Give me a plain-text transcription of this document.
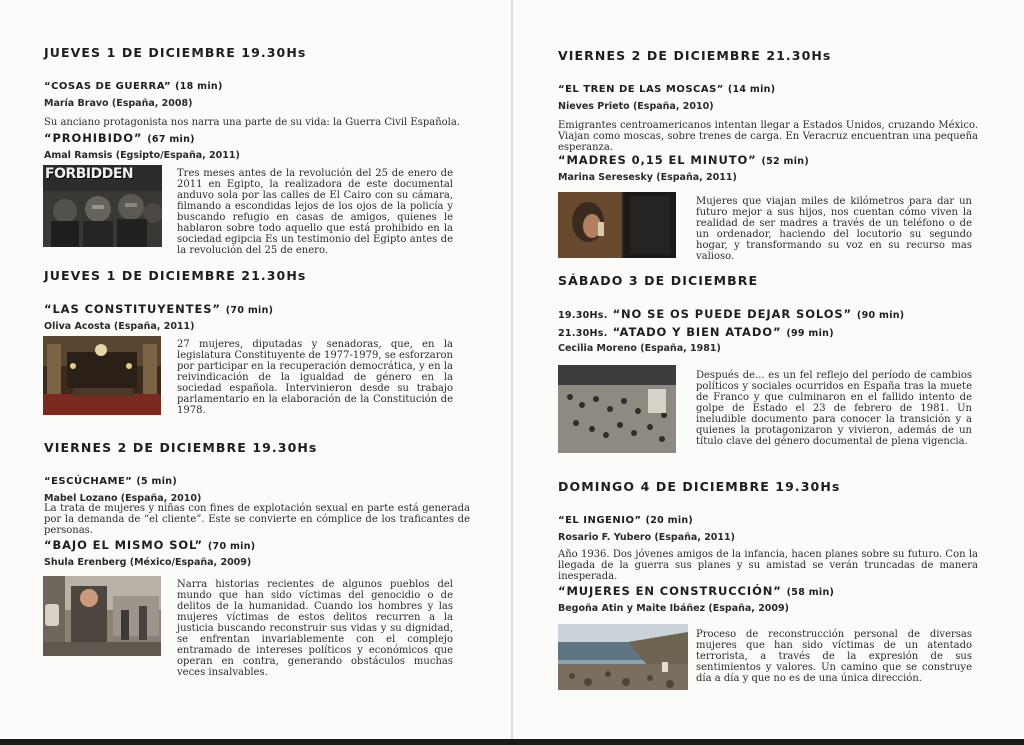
JUEVES 1 DE DICIEMBRE 19.30Hs
“COSAS DE GUERRA” (18 min)
María Bravo (España, 2008)
Su anciano protagonista nos narra una parte de su vida: la Guerra Civil Española.
“PROHIBIDO” (67 min)
Amal Ramsis (Egsipto/España, 2011)
FORBIDDEN	Tres meses antes de la revolución del 25 de enero de 2011 en Egipto, la realizadora de este documental anduvo sola por las calles de El Cairo con su cámara, filmando a escondidas lejos de los ojos de la policía y buscando refugio en casas de amigos, quienes le hablaron sobre todo aquello que está prohibido en la sociedad egipcia Es un testimonio del Egipto antes de la revolución del 25 de enero.
JUEVES 1 DE DICIEMBRE 21.30Hs
“LAS CONSTITUYENTES” (70 min)
Oliva Acosta (España, 2011)
27 mujeres, diputadas y senadoras, que, en la legislatura Constituyente de 1977-1979, se esforzaron por participar en la recuperación democrática, y en la reivindicación de la igualdad de género en la sociedad española. Intervinieron desde su trabajo parlamentario en la elaboración de la Constitución de 1978.
VIERNES 2 DE DICIEMBRE 19.30Hs
“ESCÚCHAME” (5 min)
Mabel Lozano (España, 2010)
La trata de mujeres y niñas con fines de explotación sexual en parte está generada por la demanda de “el cliente”. Este se convierte en cómplice de los traficantes de personas.
“BAJO EL MISMO SOL” (70 min)
Shula Erenberg (México/España, 2009)
Narra historias recientes de algunos pueblos del mundo que han sido víctimas del genocidio o de delitos de la humanidad. Cuando los hombres y las mujeres víctimas de estos delitos recurren a la justicia buscando reconstruir sus vidas y su dignidad, se enfrentan invariablemente con el complejo entramado de intereses políticos y económicos que operan en contra, generando obstáculos muchas veces insalvables.
VIERNES 2 DE DICIEMBRE 21.30Hs
“EL TREN DE LAS MOSCAS” (14 min)
Nieves Prieto (España, 2010)
Emigrantes centroamericanos intentan llegar a Estados Unidos, cruzando México. Viajan como moscas, sobre trenes de carga. En Veracruz encuentran una pequeña esperanza.
“MADRES 0,15 EL MINUTO” (52 min)
Marina Seresesky (España, 2011)
Mujeres que viajan miles de kilómetros para dar un futuro mejor a sus hijos, nos cuentan cómo viven la realidad de ser madres a través de un teléfono o de un ordenador, haciendo del locutorio su segundo hogar, y transformando su voz en su recurso mas valioso.
SÁBADO 3 DE DICIEMBRE
19.30Hs. “NO SE OS PUEDE DEJAR SOLOS” (90 min)
21.30Hs. “ATADO Y BIEN ATADO” (99 min)
Cecilia Moreno (España, 1981)
Después de... es un fel reflejo del período de cambios políticos y sociales ocurridos en España tras la muete de Franco y que culminaron en el fallido intento de golpe de Estado el 23 de febrero de 1981. Un ineludible documento para conocer la transición y a quienes la protagonizaron y vivieron, además de un título clave del género documental de plena vigencia.
DOMINGO 4 DE DICIEMBRE 19.30Hs
“EL INGENIO” (20 min)
Rosario F. Yubero (España, 2011)
Año 1936. Dos jóvenes amigos de la infancia, hacen planes sobre su futuro. Con la llegada de la guerra sus planes y su amistad se verán truncadas de manera inesperada.
“MUJERES EN CONSTRUCCIÓN” (58 min)
Begoña Atin y Maite Ibáñez (España, 2009)
Proceso de reconstrucción personal de diversas mujeres que han sido víctimas de un atentado terrorista, a través de la expresión de sus sentimientos y valores. Un camino que se construye día a día y que no es de una única dirección.
